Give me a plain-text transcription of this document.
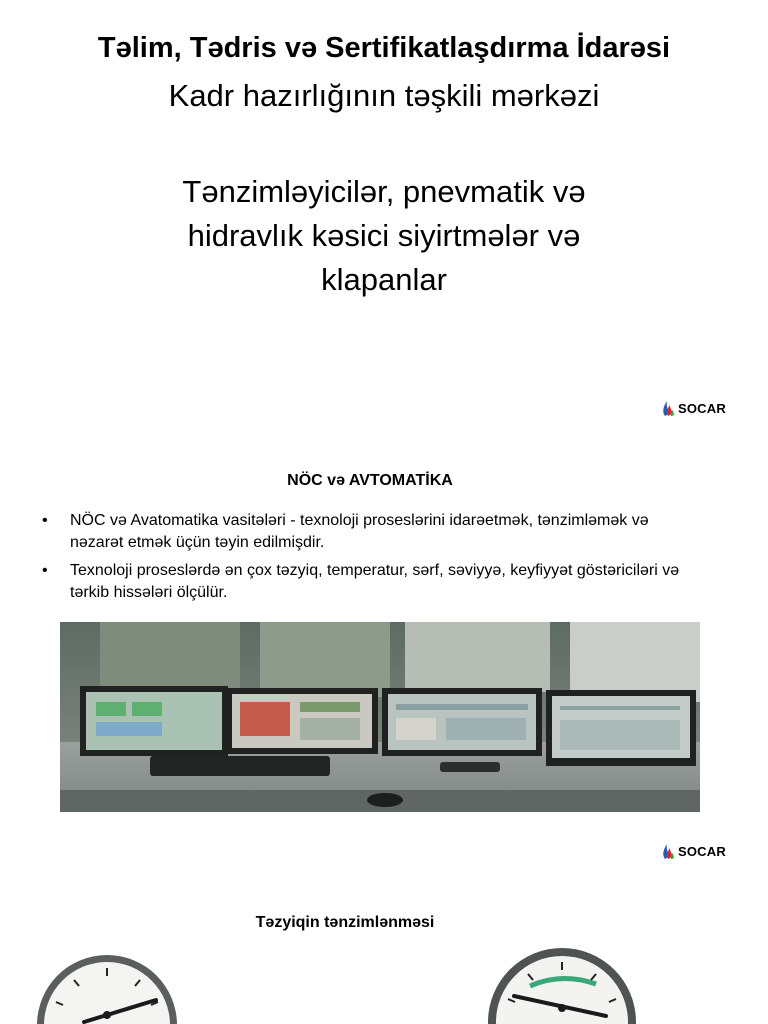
Təlim, Tədris və Sertifikatlaşdırma İdarəsi
Kadr hazırlığının təşkili mərkəzi
Tənzimləyicilər, pnevmatik və
hidravlık kəsici siyirtmələr və
klapanlar
SOCAR
NÖC və AVTOMATİKA
• NÖC və Avatomatika vasitələri - texnoloji proseslərini idarəetmək, tənzimləmək və nəzarət etmək üçün təyin edilmişdir.
• Texnoloji proseslərdə ən çox təzyiq, temperatur, sərf, səviyyə, keyfiyyət göstəriciləri və tərkib hissələri ölçülür.
SOCAR
Təzyiqin tənzimlənməsi
